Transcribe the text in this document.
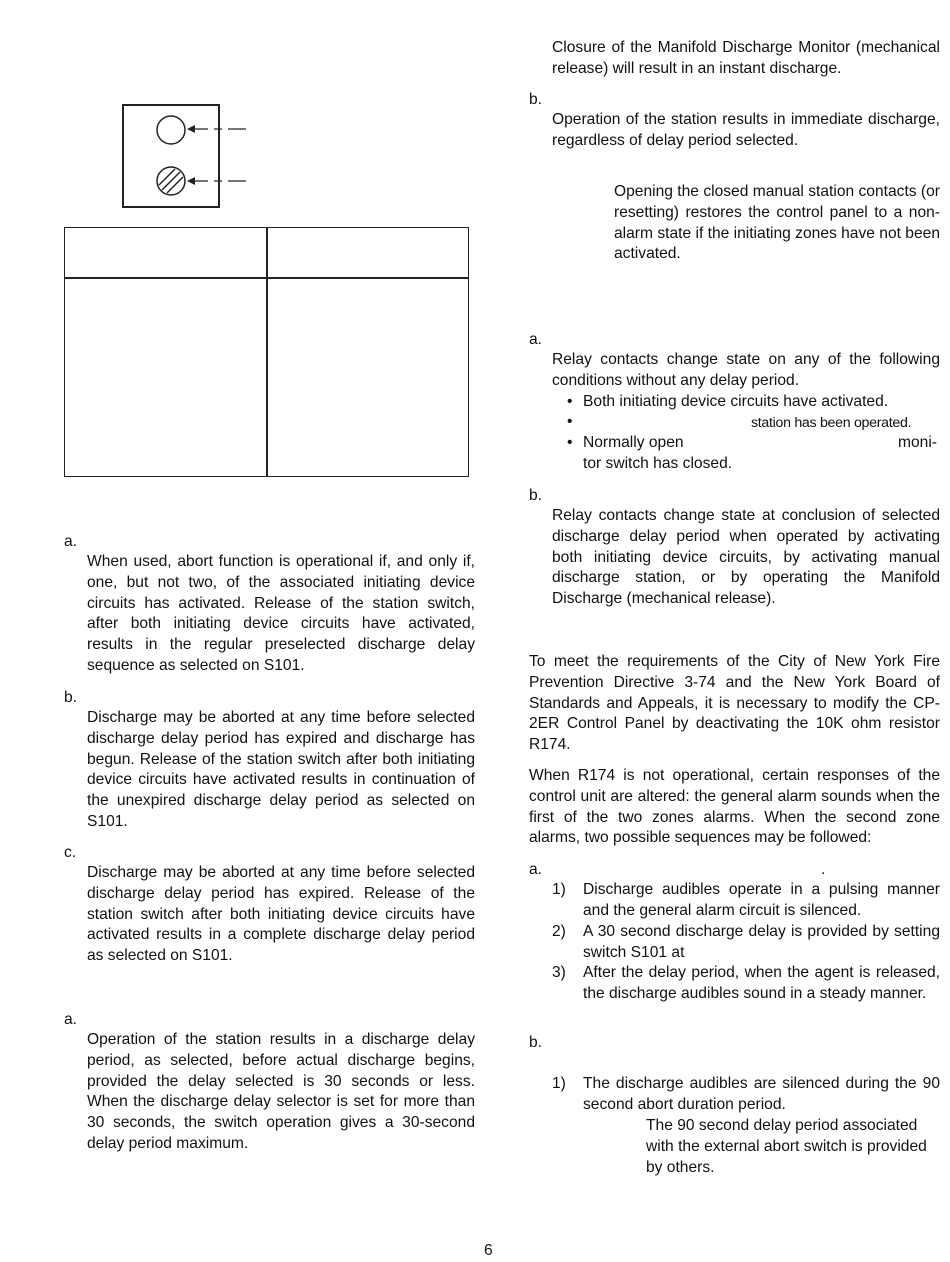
a.
When used, abort function is operational if, and only if, one, but not two, of the associated initiating device circuits has activated. Release of the station switch, after both initiating device circuits have activated, results in the regular preselected discharge delay sequence as selected on S101.
b.
Discharge may be aborted at any time before selected discharge delay period has expired and discharge has begun. Release of the station switch after both initiating device circuits have activated results in continuation of the unexpired discharge delay period as selected on S101.
c.
Discharge may be aborted at any time before selected discharge delay period has expired. Release of the station switch after both initiating device circuits have activated results in a complete discharge delay period as selected on S101.
a.
Operation of the station results in a discharge delay period, as selected, before actual discharge begins, provided the delay selected is 30 seconds or less. When the discharge delay selector is set for more than 30 seconds, the switch operation gives a 30-second delay period maximum.
Closure of the Manifold Discharge Monitor (mechanical release) will result in an instant discharge.
b.
Operation of the station results in immediate discharge, regardless of delay period selected.
Opening the closed manual station contacts (or resetting) restores the control panel to a non-alarm state if the initiating zones have not been activated.
a.
Relay contacts change state on any of the following conditions without any delay period.
• Both initiating device circuits have activated.
•	station has been operated.
• Normally open	moni-
tor switch has closed.
b.
Relay contacts change state at conclusion of selected discharge delay period when operated by activating both initiating device circuits, by activating manual discharge station, or by operating the Manifold Discharge (mechanical release).
To meet the requirements of the City of New York Fire Prevention Directive 3-74 and the New York Board of Standards and Appeals, it is necessary to modify the CP-2ER Control Panel by deactivating the 10K ohm resistor R174.
When R174 is not operational, certain responses of the control unit are altered: the general alarm sounds when the first of the two zones alarms. When the second zone alarms, two possible sequences may be followed:
a.	.
1) Discharge audibles operate in a pulsing manner and the general alarm circuit is silenced.
2) A 30 second discharge delay is provided by setting switch S101 at
3) After the delay period, when the agent is released, the discharge audibles sound in a steady manner.
b.
1) The discharge audibles are silenced during the 90 second abort duration period.
The 90 second delay period associated with the external abort switch is provided by others.
6
